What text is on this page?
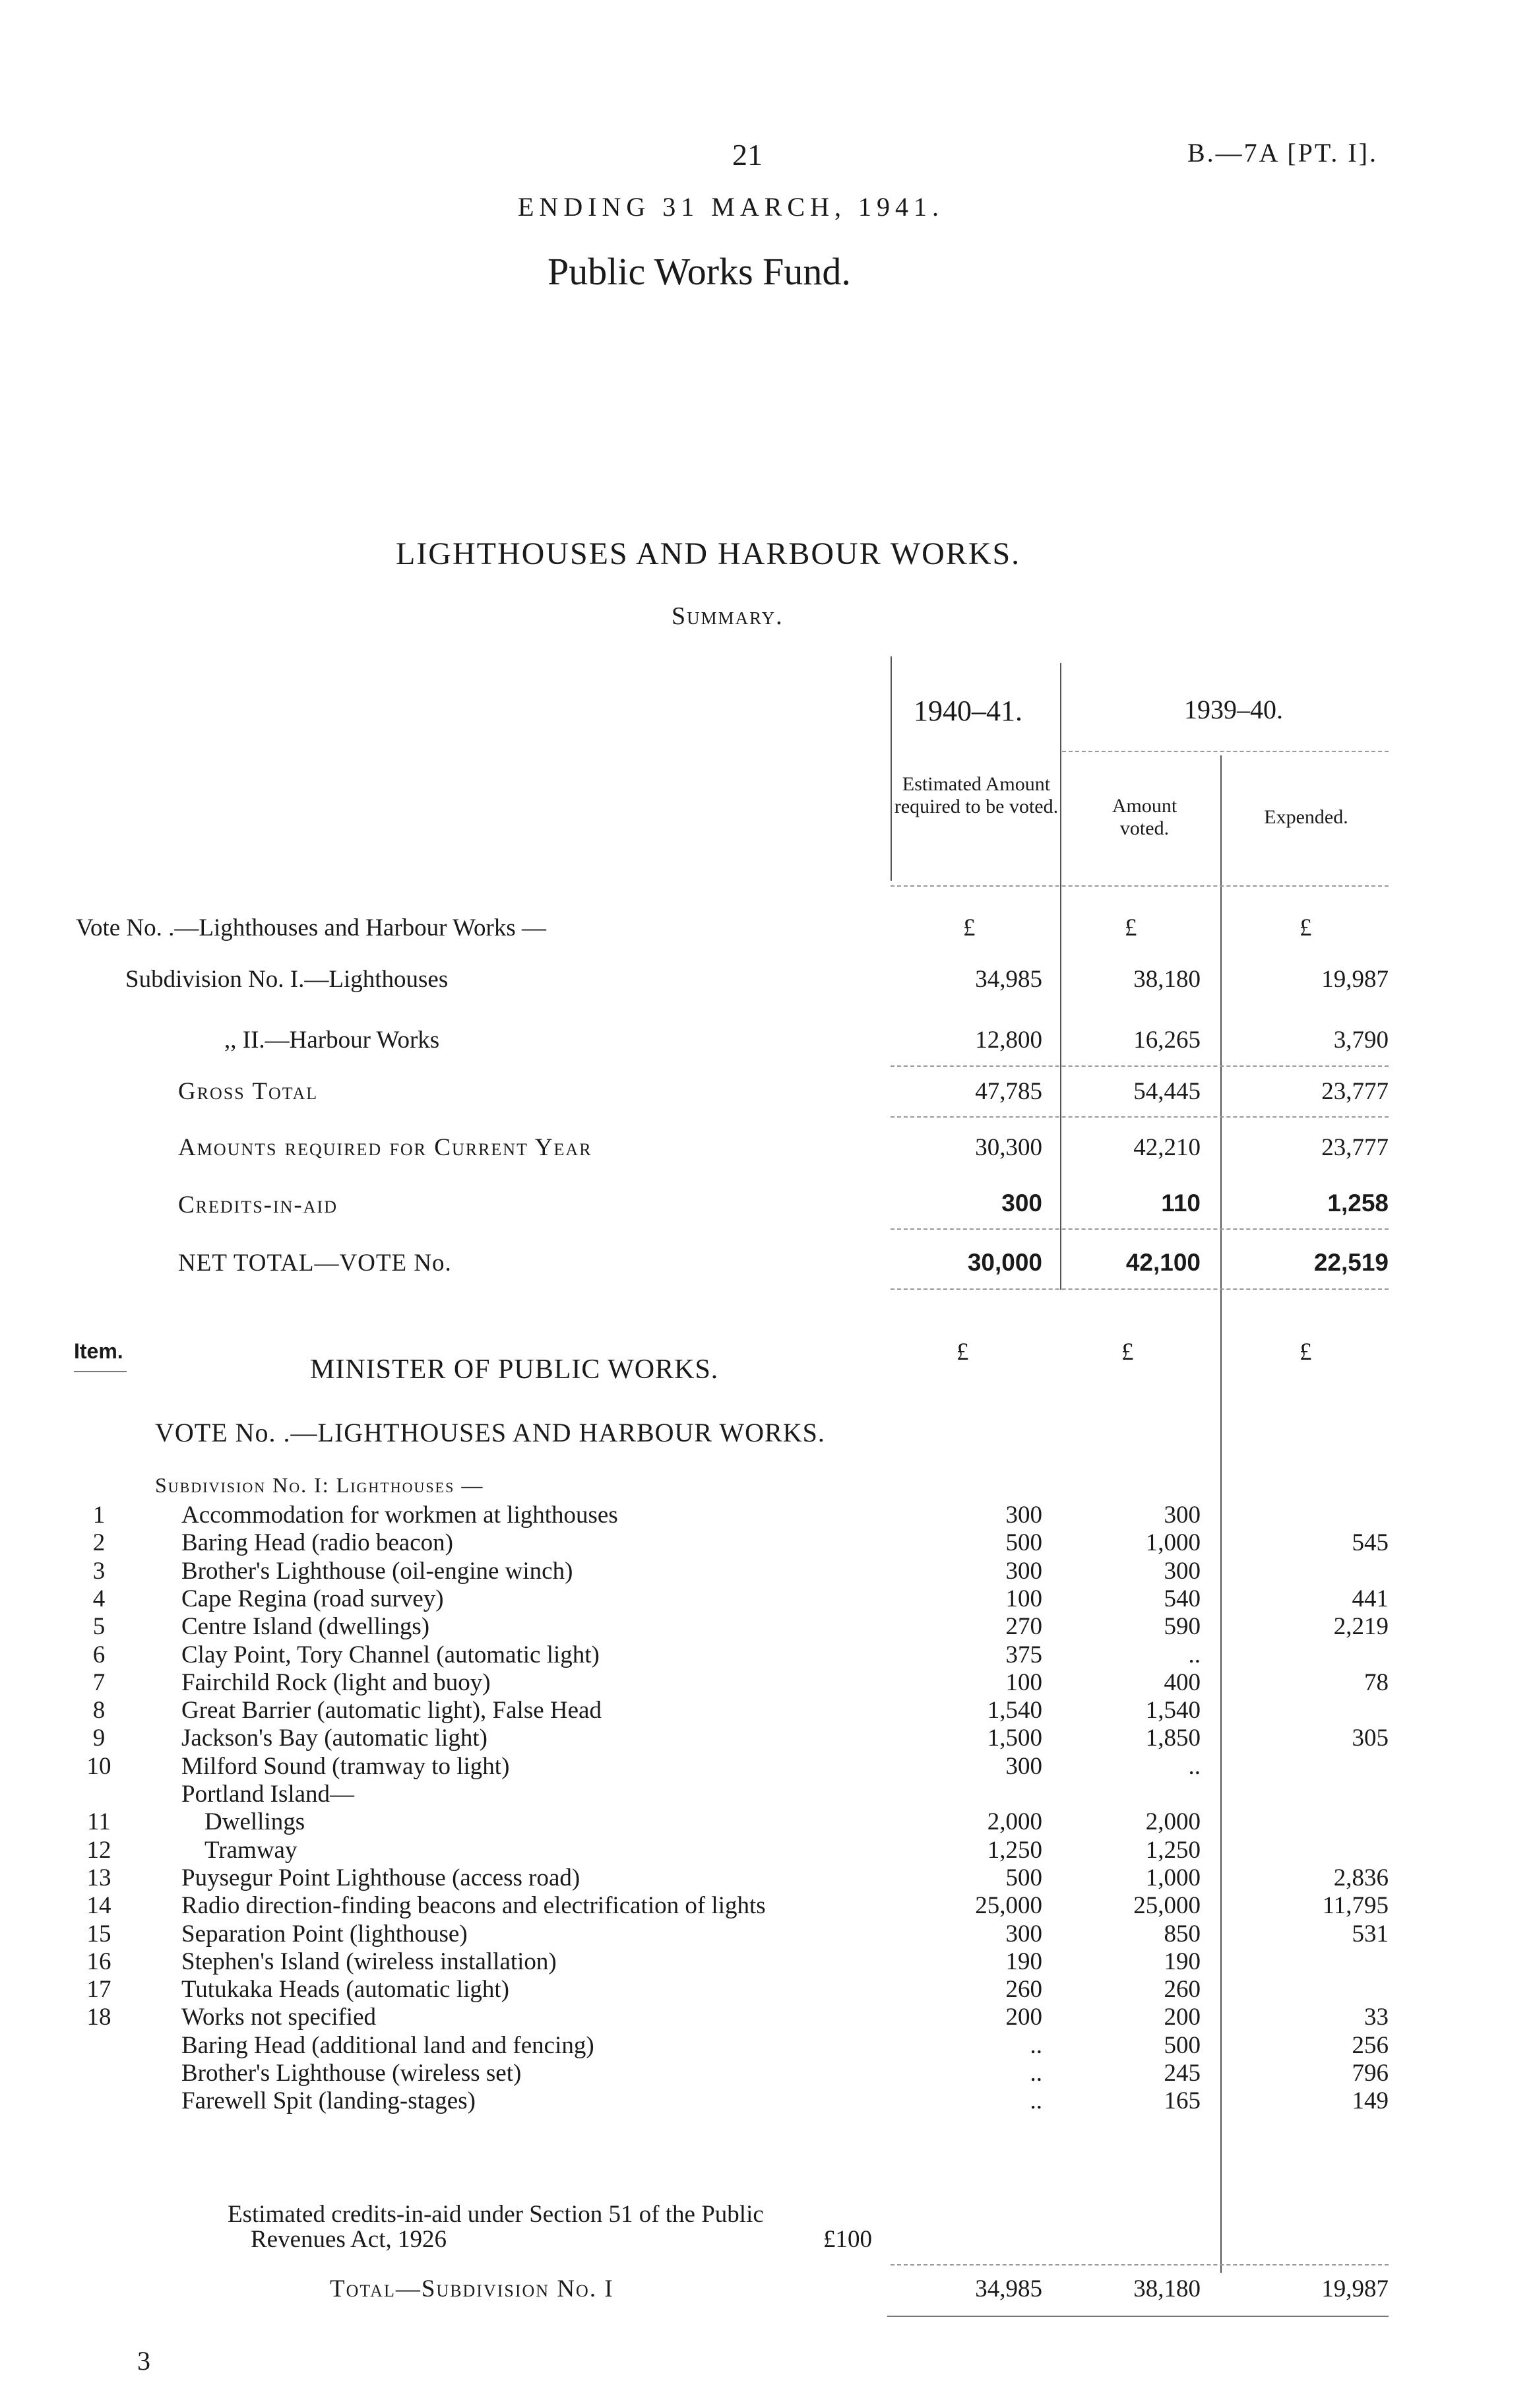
21	B.—7A [PT. I].
ENDING 31 MARCH, 1941.
Public Works Fund.
LIGHTHOUSES AND HARBOUR WORKS.
Summary.
1940–41.	1939–40.
Estimated Amount required to be voted.	Amount voted.
Expended.
Vote No. .—Lighthouses and Harbour Works —	£	£	£
Subdivision No. I.—Lighthouses	34,985	38,180	19,987
,, II.—Harbour Works	12,800	16,265	3,790
Gross Total	47,785	54,445	23,777
Amounts required for Current Year	30,300	42,210	23,777
Credits-in-aid	300	110	1,258
NET TOTAL—VOTE No.	30,000	42,100	22,519
Item.
MINISTER OF PUBLIC WORKS.
£	£	£
VOTE No. .—LIGHTHOUSES AND HARBOUR WORKS.
Subdivision No. I: Lighthouses —
1	Accommodation for workmen at lighthouses	300	300
2	Baring Head (radio beacon)	500	1,000	545
3	Brother's Lighthouse (oil-engine winch)	300	300
4	Cape Regina (road survey)	100	540	441
5	Centre Island (dwellings)	270	590	2,219
6	Clay Point, Tory Channel (automatic light)	375	..
7	Fairchild Rock (light and buoy)	100	400	78
8	Great Barrier (automatic light), False Head	1,540	1,540
9	Jackson's Bay (automatic light)	1,500	1,850	305
10	Milford Sound (tramway to light)	300	..
Portland Island—
11	Dwellings	2,000	2,000
12	Tramway	1,250	1,250
13	Puysegur Point Lighthouse (access road)	500	1,000	2,836
14	Radio direction-finding beacons and electrification of lights	25,000	25,000	11,795
15	Separation Point (lighthouse)	300	850	531
16	Stephen's Island (wireless installation)	190	190
17	Tutukaka Heads (automatic light)	260	260
18	Works not specified	200	200	33
Baring Head (additional land and fencing)	..	500	256
Brother's Lighthouse (wireless set)	..	245	796
Farewell Spit (landing-stages)	..	165	149
Estimated credits-in-aid under Section 51 of the Public
Revenues Act, 1926	£100
Total—Subdivision No. I	34,985	38,180	19,987
3
